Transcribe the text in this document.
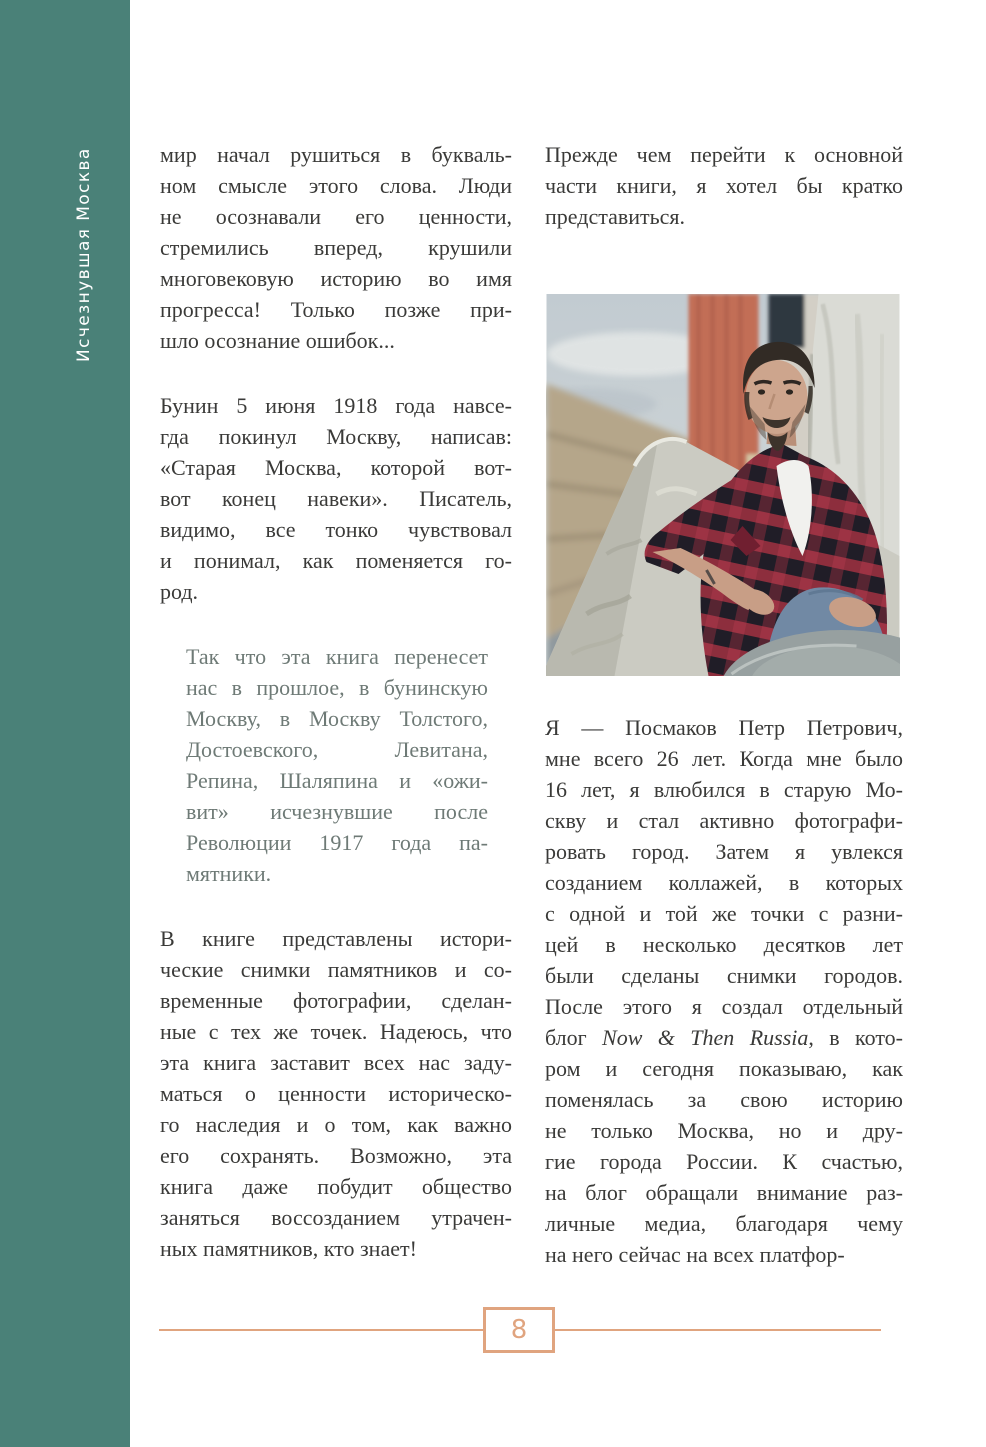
Исчезнувшая Москва	мир начал рушиться в букваль-
ном смысле этого слова. Люди
не осознавали его ценности,
стремились вперед, крушили
многовековую историю во имя
прогресса! Только позже при-
шло осознание ошибок...
Бунин 5 июня 1918 года навсе-
гда покинул Москву, написав:
«Старая Москва, которой вот-
вот конец навеки». Писатель,
видимо, все тонко чувствовал
и понимал, как поменяется го-
род.
Так что эта книга перенесет
нас в прошлое, в бунинскую
Москву, в Москву Толстого,
Достоевского, Левитана,
Репина, Шаляпина и «ожи-
вит» исчезнувшие после
Революции 1917 года па-
мятники.
В книге представлены истори-
ческие снимки памятников и со-
временные фотографии, сделан-
ные с тех же точек. Надеюсь, что
эта книга заставит всех нас заду-
маться о ценности историческо-
го наследия и о том, как важно
его сохранять. Возможно, эта
книга даже побудит общество
заняться воссозданием утрачен-
ных памятников, кто знает!
Прежде чем перейти к основной
части книги, я хотел бы кратко
представиться.
Я — Посмаков Петр Петрович,
мне всего 26 лет. Когда мне было
16 лет, я влюбился в старую Мо-
скву и стал активно фотографи-
ровать город. Затем я увлекся
созданием коллажей, в которых
с одной и той же точки с разни-
цей в несколько десятков лет
были сделаны снимки городов.
После этого я создал отдельный
блог Now & Then Russia, в кото-
ром и сегодня показываю, как
поменялась за свою историю
не только Москва, но и дру-
гие города России. К счастью,
на блог обращали внимание раз-
личные медиа, благодаря чему
на него сейчас на всех платфор-
8
